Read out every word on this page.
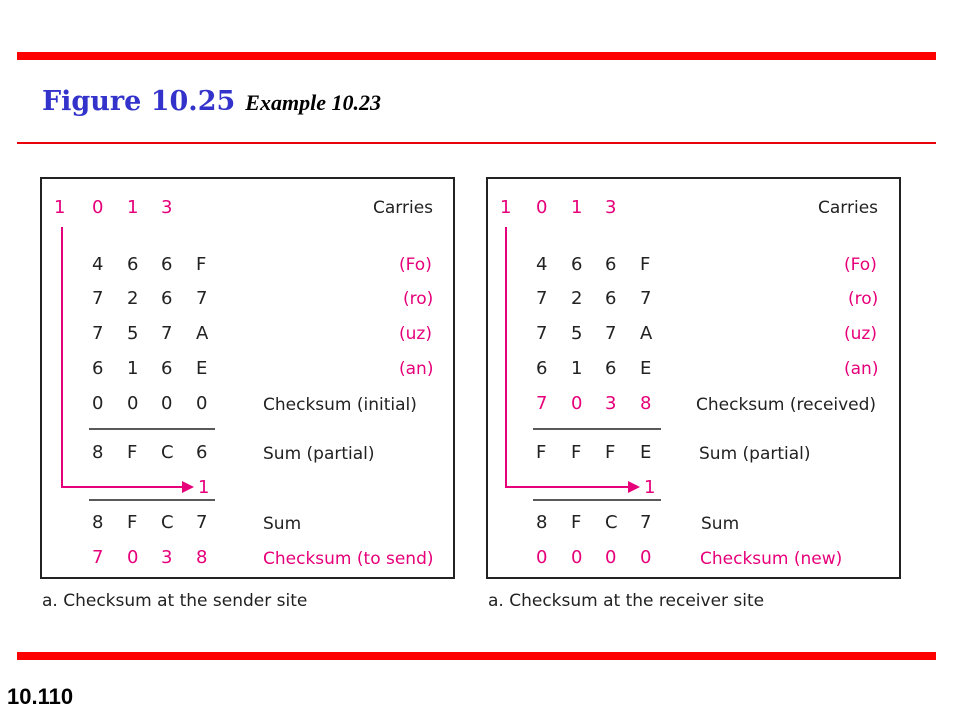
Figure 10.25 Example 10.23
1 0 1 3	Carries
4 6 6 F	(Fo)
7 2 6 7	(ro)
7 5 7 A	(uz)
6 1 6 E	(an)
0 0 0 0	Checksum (initial)
8 F C 6	Sum (partial)
1
8 F C 7	Sum
7 0 3 8	Checksum (to send)
a. Checksum at the sender site
1 0 1 3	Carries
4 6 6 F	(Fo)
7 2 6 7	(ro)
7 5 7 A	(uz)
6 1 6 E	(an)
7 0 3 8	Checksum (received)
F F F E	Sum (partial)
1
8 F C 7	Sum
0 0 0 0	Checksum (new)
a. Checksum at the receiver site
10.110
